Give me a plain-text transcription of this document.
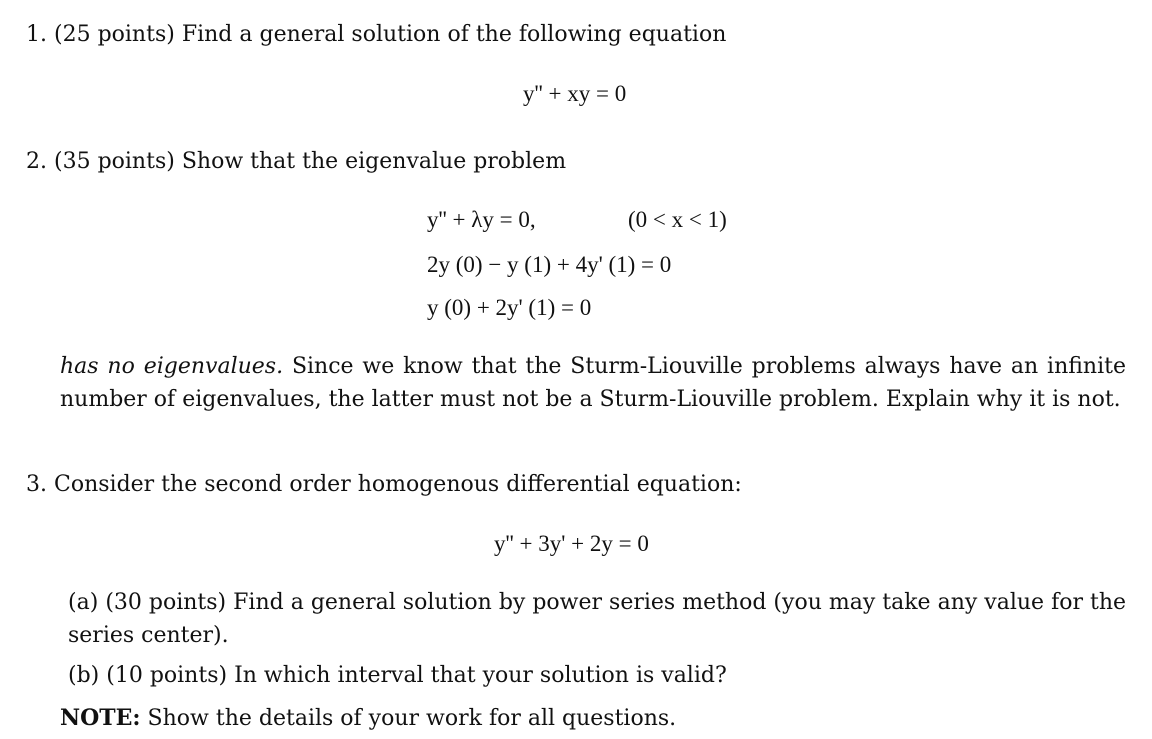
1. (25 points) Find a general solution of the following equation
y'' + xy = 0
2. (35 points) Show that the eigenvalue problem
y'' + λy = 0,	(0 < x < 1)
2y (0) − y (1) + 4y' (1) = 0
y (0) + 2y' (1) = 0
has no eigenvalues. Since we know that the Sturm-Liouville problems always have an infinite number of eigenvalues, the latter must not be a Sturm-Liouville problem. Explain why it is not.
3. Consider the second order homogenous differential equation:
y'' + 3y' + 2y = 0
(a) (30 points) Find a general solution by power series method (you may take any value for the series center).
(b) (10 points) In which interval that your solution is valid?
NOTE: Show the details of your work for all questions.
